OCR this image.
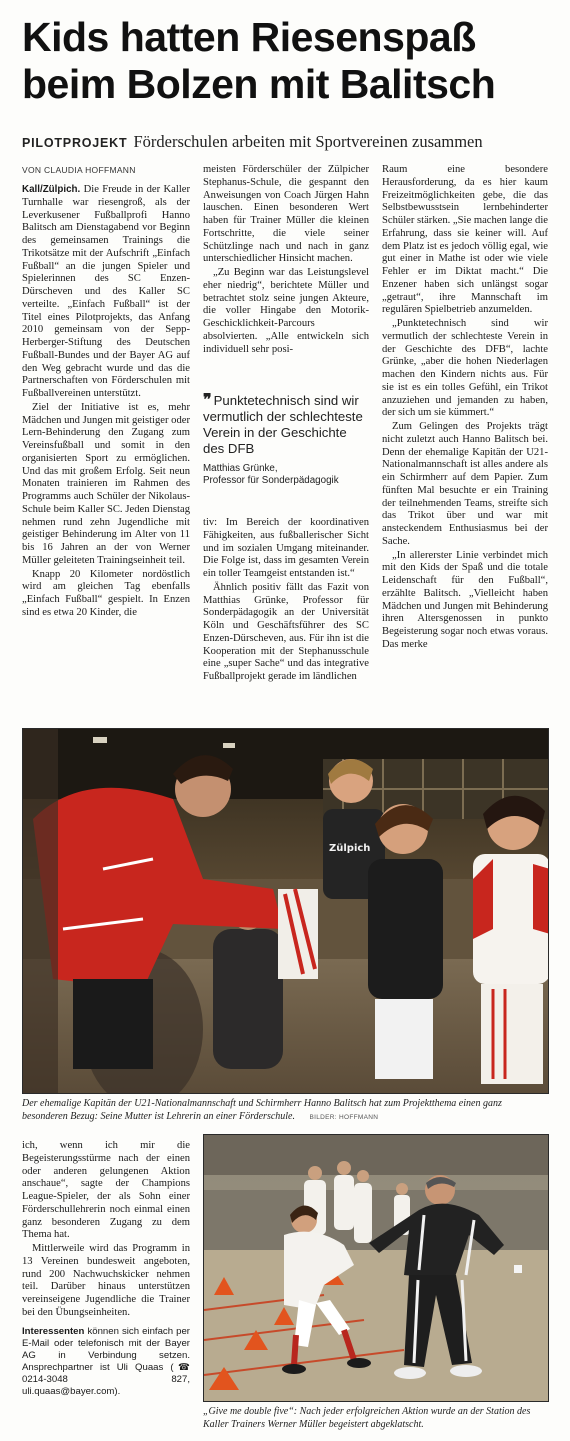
Kids hatten Riesenspaß
beim Bolzen mit Balitsch
PILOTPROJEKT Förderschulen arbeiten mit Sportvereinen zusammen
VON CLAUDIA HOFFMANN

Kall/Zülpich. Die Freude in der Kaller Turnhalle war riesengroß, als der Leverkusener Fußballprofi Hanno Balitsch am Dienstagabend vor Beginn des gemeinsamen Trainings die Trikotsätze mit der Aufschrift „Einfach Fußball“ an die jungen Spieler und Spielerinnen des SC Enzen-Dürscheven und des Kaller SC verteilte. „Einfach Fußball“ ist der Titel eines Pilotprojekts, das Anfang 2010 gemeinsam von der Sepp-Herberger-Stiftung des Deutschen Fußball-Bundes und der Bayer AG auf den Weg gebracht wurde und das die Partnerschaften von Förderschulen mit Fußballvereinen unterstützt.

Ziel der Initiative ist es, mehr Mädchen und Jungen mit geistiger oder Lern-Behinderung den Zugang zum Vereinsfußball und somit in den organisierten Sport zu ermöglichen. Und das mit großem Erfolg. Seit neun Monaten trainieren im Rahmen des Programms auch Schüler der Nikolaus-Schule beim Kaller SC. Jeden Dienstag nehmen rund zehn Jugendliche mit geistiger Behinderung im Alter von 11 bis 16 Jahren an der von Werner Müller geleiteten Trainingseinheit teil.

Knapp 20 Kilometer nordöstlich wird am gleichen Tag ebenfalls „Einfach Fußball“ gespielt. In Enzen sind es etwa 20 Kinder, die

meisten Förderschüler der Zülpicher Stephanus-Schule, die gespannt den Anweisungen von Coach Jürgen Hahn lauschen. Einen besonderen Wert haben für Trainer Müller die kleinen Fortschritte, die viele seiner Schützlinge nach und nach in ganz unterschiedlicher Hinsicht machen.

„Zu Beginn war das Leistungslevel eher niedrig“, berichtete Müller und betrachtet stolz seine jungen Akteure, die voller Hingabe den Motorik-Geschicklichkeit-Parcours absolvierten. „Alle entwickeln sich individuell sehr posi-

❞ Punktetechnisch sind wir vermutlich der schlechteste Verein in der Geschichte des DFB
Matthias Grünke,
Professor für Sonderpädagogik

tiv: Im Bereich der koordinativen Fähigkeiten, aus fußballerischer Sicht und im sozialen Umgang miteinander. Die Folge ist, dass im gesamten Verein ein toller Teamgeist entstanden ist.“

Ähnlich positiv fällt das Fazit von Matthias Grünke, Professor für Sonderpädagogik an der Universität Köln und Geschäftsführer des SC Enzen-Dürscheven, aus. Für ihn ist die Kooperation mit der Stephanusschule eine „super Sache“ und das integrative Fußballprojekt gerade im ländlichen

Raum eine besondere Herausforderung, da es hier kaum Freizeitmöglichkeiten gebe, die das Selbstbewusstsein lernbehinderter Schüler stärken. „Sie machen lange die Erfahrung, dass sie keiner will. Auf dem Platz ist es jedoch völlig egal, wie gut einer in Mathe ist oder wie viele Fehler er im Diktat macht.“ Die Enzener haben sich unlängst sogar „getraut“, ihre Mannschaft im regulären Spielbetrieb anzumelden.

„Punktetechnisch sind wir vermutlich der schlechteste Verein in der Geschichte des DFB“, lachte Grünke, „aber die hohen Niederlagen machen den Kindern nichts aus. Für sie ist es ein tolles Gefühl, ein Trikot anzuziehen und jemanden zu haben, der sich um sie kümmert.“

Zum Gelingen des Projekts trägt nicht zuletzt auch Hanno Balitsch bei. Denn der ehemalige Kapitän der U21-Nationalmannschaft ist alles andere als ein Schirmherr auf dem Papier. Zum fünften Mal besuchte er ein Training der teilnehmenden Teams, streifte sich das Trikot über und war mit ansteckendem Enthusiasmus bei der Sache.

„In allererster Linie verbindet mich mit den Kids der Spaß und die totale Leidenschaft für den Fußball“, erzählte Balitsch. „Vielleicht haben Mädchen und Jungen mit Behinderung ihren Altersgenossen in punkto Begeisterung sogar noch etwas voraus. Das merke

Zülpich
Der ehemalige Kapitän der U21-Nationalmannschaft und Schirmherr Hanno Balitsch hat zum Projektthema einen ganz besonderen Bezug: Seine Mutter ist Lehrerin an einer Förderschule. BILDER: HOFFMANN

ich, wenn ich mir die Begeisterungsstürme nach der einen oder anderen gelungenen Aktion anschaue“, sagte der Champions League-Spieler, der als Sohn einer Förderschullehrerin noch einmal einen ganz besonderen Zugang zu dem Thema hat.

Mittlerweile wird das Programm in 13 Vereinen bundesweit angeboten, rund 200 Nachwuchskicker nehmen teil. Darüber hinaus unterstützen vereinseigene Jugendliche die Trainer bei den Übungseinheiten.

Interessenten können sich einfach per E-Mail oder telefonisch mit der Bayer AG in Verbindung setzen. Ansprechpartner ist Uli Quaas (☎ 0214-3048 827, uli.quaas@bayer.com).

„Give me double five“: Nach jeder erfolgreichen Aktion wurde an der Station des Kaller Trainers Werner Müller begeistert abgeklatscht.
